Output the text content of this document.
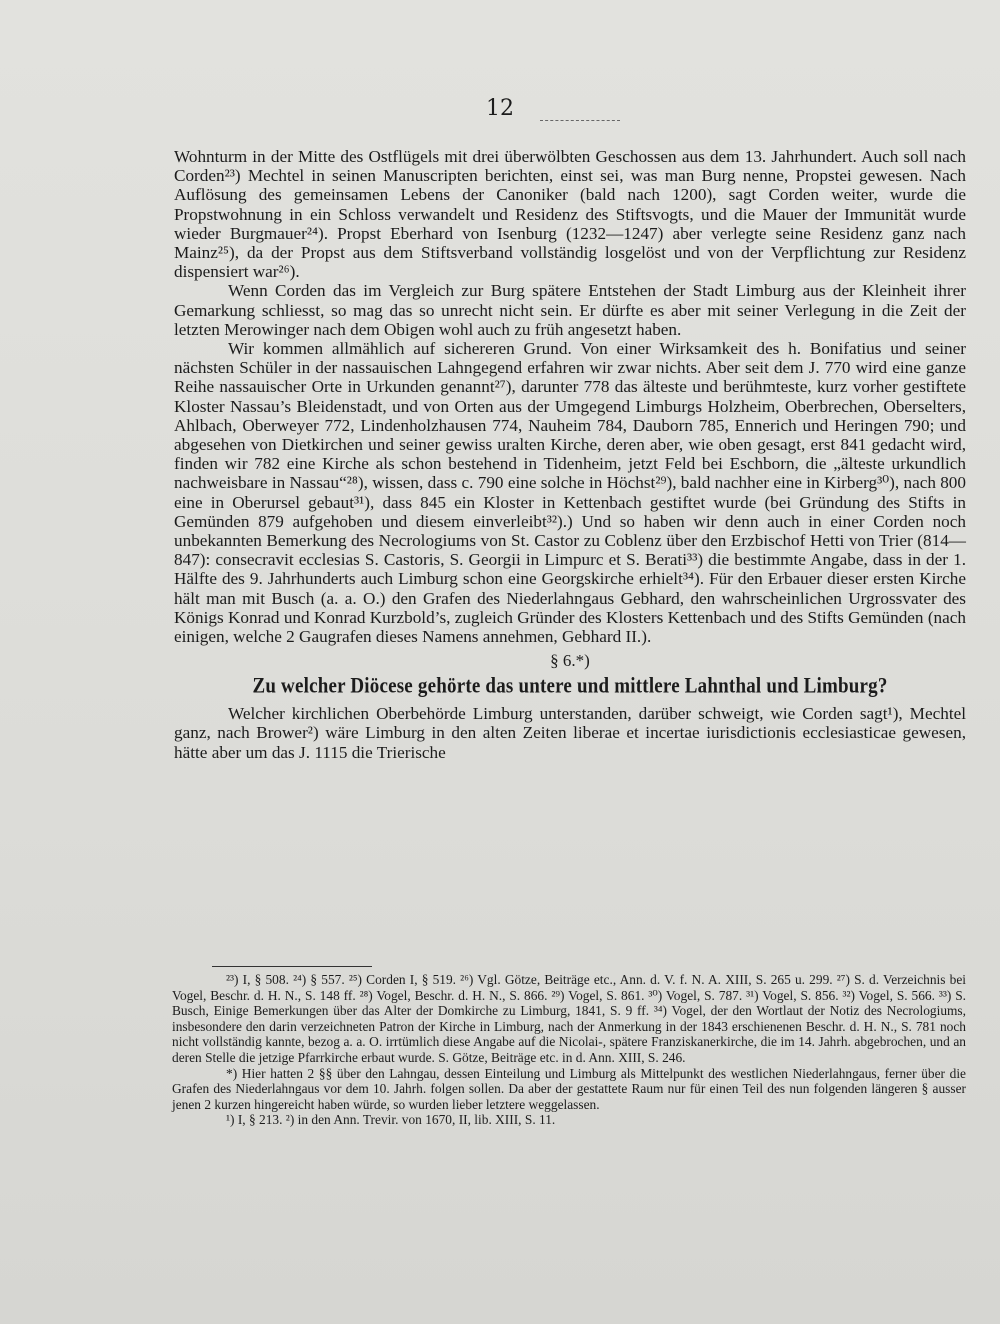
12

Wohnturm in der Mitte des Ostflügels mit drei überwölbten Geschossen aus dem 13. Jahrhundert. Auch soll nach Corden²³) Mechtel in seinen Manuscripten berichten, einst sei, was man Burg nenne, Propstei gewesen. Nach Auflösung des gemeinsamen Lebens der Canoniker (bald nach 1200), sagt Corden weiter, wurde die Propstwohnung in ein Schloss verwandelt und Residenz des Stiftsvogts, und die Mauer der Immunität wurde wieder Burgmauer²⁴). Propst Eberhard von Isenburg (1232—1247) aber verlegte seine Residenz ganz nach Mainz²⁵), da der Propst aus dem Stiftsverband vollständig losgelöst und von der Verpflichtung zur Residenz dispensiert war²⁶).

Wenn Corden das im Vergleich zur Burg spätere Entstehen der Stadt Limburg aus der Kleinheit ihrer Gemarkung schliesst, so mag das so unrecht nicht sein. Er dürfte es aber mit seiner Verlegung in die Zeit der letzten Merowinger nach dem Obigen wohl auch zu früh angesetzt haben.

Wir kommen allmählich auf sichereren Grund. Von einer Wirksamkeit des h. Bonifatius und seiner nächsten Schüler in der nassauischen Lahngegend erfahren wir zwar nichts. Aber seit dem J. 770 wird eine ganze Reihe nassauischer Orte in Urkunden genannt²⁷), darunter 778 das älteste und berühmteste, kurz vorher gestiftete Kloster Nassau’s Bleidenstadt, und von Orten aus der Umgegend Limburgs Holzheim, Oberbrechen, Oberselters, Ahlbach, Oberweyer 772, Lindenholzhausen 774, Nauheim 784, Dauborn 785, Ennerich und Heringen 790; und abgesehen von Dietkirchen und seiner gewiss uralten Kirche, deren aber, wie oben gesagt, erst 841 gedacht wird, finden wir 782 eine Kirche als schon bestehend in Tidenheim, jetzt Feld bei Eschborn, die „älteste urkundlich nachweisbare in Nassau“²⁸), wissen, dass c. 790 eine solche in Höchst²⁹), bald nachher eine in Kirberg³⁰), nach 800 eine in Oberursel gebaut³¹), dass 845 ein Kloster in Kettenbach gestiftet wurde (bei Gründung des Stifts in Gemünden 879 aufgehoben und diesem einverleibt³²).) Und so haben wir denn auch in einer Corden noch unbekannten Bemerkung des Necrologiums von St. Castor zu Coblenz über den Erzbischof Hetti von Trier (814—847): consecravit ecclesias S. Castoris, S. Georgii in Limpurc et S. Berati³³) die bestimmte Angabe, dass in der 1. Hälfte des 9. Jahrhunderts auch Limburg schon eine Georgskirche erhielt³⁴). Für den Erbauer dieser ersten Kirche hält man mit Busch (a. a. O.) den Grafen des Niederlahngaus Gebhard, den wahrscheinlichen Urgrossvater des Königs Konrad und Konrad Kurzbold’s, zugleich Gründer des Klosters Kettenbach und des Stifts Gemünden (nach einigen, welche 2 Gaugrafen dieses Namens annehmen, Gebhard II.).

§ 6.*)
Zu welcher Diöcese gehörte das untere und mittlere Lahnthal und Limburg?

Welcher kirchlichen Oberbehörde Limburg unterstanden, darüber schweigt, wie Corden sagt¹), Mechtel ganz, nach Brower²) wäre Limburg in den alten Zeiten liberae et incertae iurisdictionis ecclesiasticae gewesen, hätte aber um das J. 1115 die Trierische

²³) I, § 508. ²⁴) § 557. ²⁵) Corden I, § 519. ²⁶) Vgl. Götze, Beiträge etc., Ann. d. V. f. N. A. XIII, S. 265 u. 299. ²⁷) S. d. Verzeichnis bei Vogel, Beschr. d. H. N., S. 148 ff. ²⁸) Vogel, Beschr. d. H. N., S. 866. ²⁹) Vogel, S. 861. ³⁰) Vogel, S. 787. ³¹) Vogel, S. 856. ³²) Vogel, S. 566. ³³) S. Busch, Einige Bemerkungen über das Alter der Domkirche zu Limburg, 1841, S. 9 ff. ³⁴) Vogel, der den Wortlaut der Notiz des Necrologiums, insbesondere den darin verzeichneten Patron der Kirche in Limburg, nach der Anmerkung in der 1843 erschienenen Beschr. d. H. N., S. 781 noch nicht vollständig kannte, bezog a. a. O. irrtümlich diese Angabe auf die Nicolai-, spätere Franziskanerkirche, die im 14. Jahrh. abgebrochen, und an deren Stelle die jetzige Pfarrkirche erbaut wurde. S. Götze, Beiträge etc. in d. Ann. XIII, S. 246.

*) Hier hatten 2 §§ über den Lahngau, dessen Einteilung und Limburg als Mittelpunkt des westlichen Niederlahngaus, ferner über die Grafen des Niederlahngaus vor dem 10. Jahrh. folgen sollen. Da aber der gestattete Raum nur für einen Teil des nun folgenden längeren § ausser jenen 2 kurzen hingereicht haben würde, so wurden lieber letztere weggelassen.

¹) I, § 213. ²) in den Ann. Trevir. von 1670, II, lib. XIII, S. 11.
